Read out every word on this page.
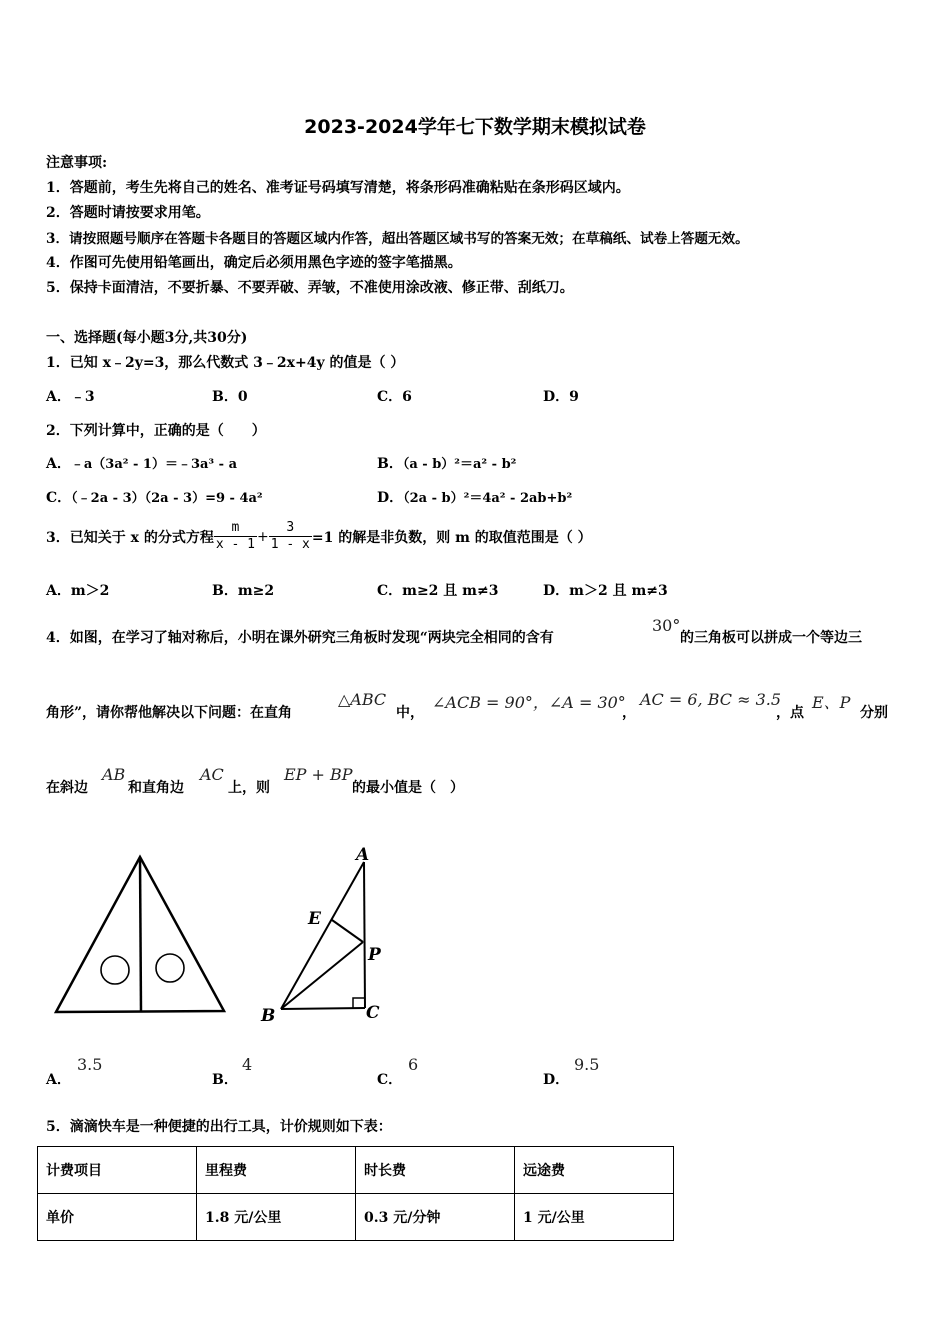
2023-2024学年七下数学期末模拟试卷
注意事项:
1．答题前，考生先将自己的姓名、准考证号码填写清楚，将条形码准确粘贴在条形码区域内。
2．答题时请按要求用笔。
3．请按照题号顺序在答题卡各题目的答题区域内作答，超出答题区域书写的答案无效；在草稿纸、试卷上答题无效。
4．作图可先使用铅笔画出，确定后必须用黑色字迹的签字笔描黑。
5．保持卡面清洁，不要折暴、不要弄破、弄皱，不准使用涂改液、修正带、刮纸刀。
一、选择题(每小题3分,共30分)
1．已知 x﹣2y=3，那么代数式 3﹣2x+4y 的值是（ ）
A．﹣3	B．0	C．6	D．9
2．下列计算中，正确的是（　　）
A．﹣a（3a² - 1）＝﹣3a³ - a	B．（a - b）²＝a² - b²
C．（﹣2a - 3）（2a - 3）=9 - 4a²	D．（2a - b）²＝4a² - 2ab+b²
3．已知关于 x 的分式方程 $\frac{m}{x - 1} + \frac{3}{1 - x} =1$ 的解是非负数，则 m 的取值范围是（ ）
A．m＞2	B．m≥2	C．m≥2 且 m≠3	D．m＞2 且 m≠3
4．如图，在学习了轴对称后，小明在课外研究三角板时发现“两块完全相同的含有
30°
的三角板可以拼成一个等边三
角形”，请你帮他解决以下问题：在直角
△ABC
中，
∠ACB = 90°，∠A = 30°
，
AC = 6, BC ≈ 3.5
，点
E、P
分别
在斜边
AB
和直角边
AC
上，则
EP + BP
的最小值是（　）
A
E
P
B	C
A．
3.5
B．
4
C．
6
D．
9.5
5．滴滴快车是一种便捷的出行工具，计价规则如下表：
计费项目	里程费	时长费	远途费
单价	1.8 元/公里	0.3 元/分钟	1 元/公里
